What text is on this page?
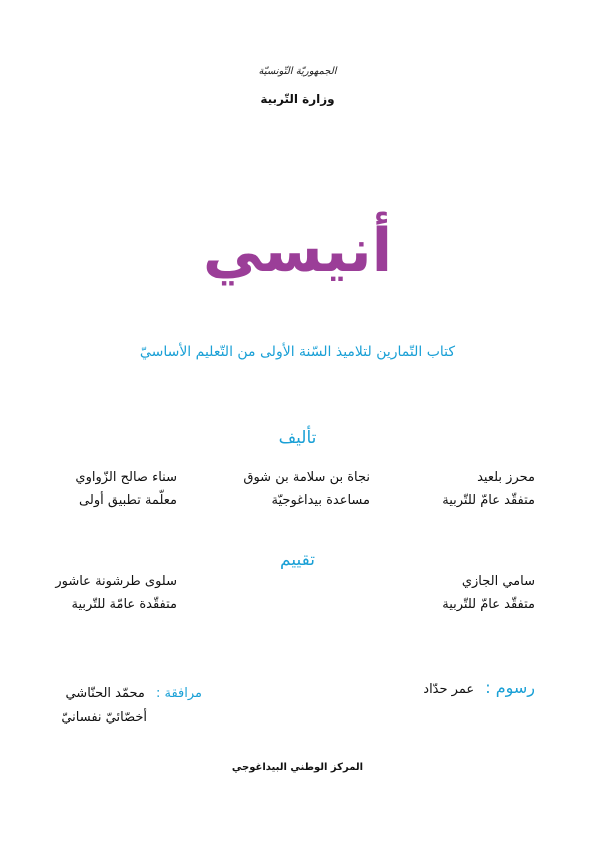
الجمهوريّة التّونسيّة
وزارة التّربية
أنيسي
كتاب التّمارين لتلاميذ السّنة الأولى من التّعليم الأساسيّ
تأليف
محرز بلعيد
متفقّد عامّ للتّربية
نجاة بن سلامة بن شوق
مساعدة بيداغوجيّة
سناء صالح الزّواوي
معلّمة تطبيق أولى
تقييم
سامي الجازي
متفقّد عامّ للتّربية
سلوى طرشونة عاشور
متفقّدة عامّة للتّربية
رسوم : عمر حدّاد
مرافقة : محمّد الحنّاشي
أخصّائيّ نفسانيّ
المركز الوطني البيداغوجي
